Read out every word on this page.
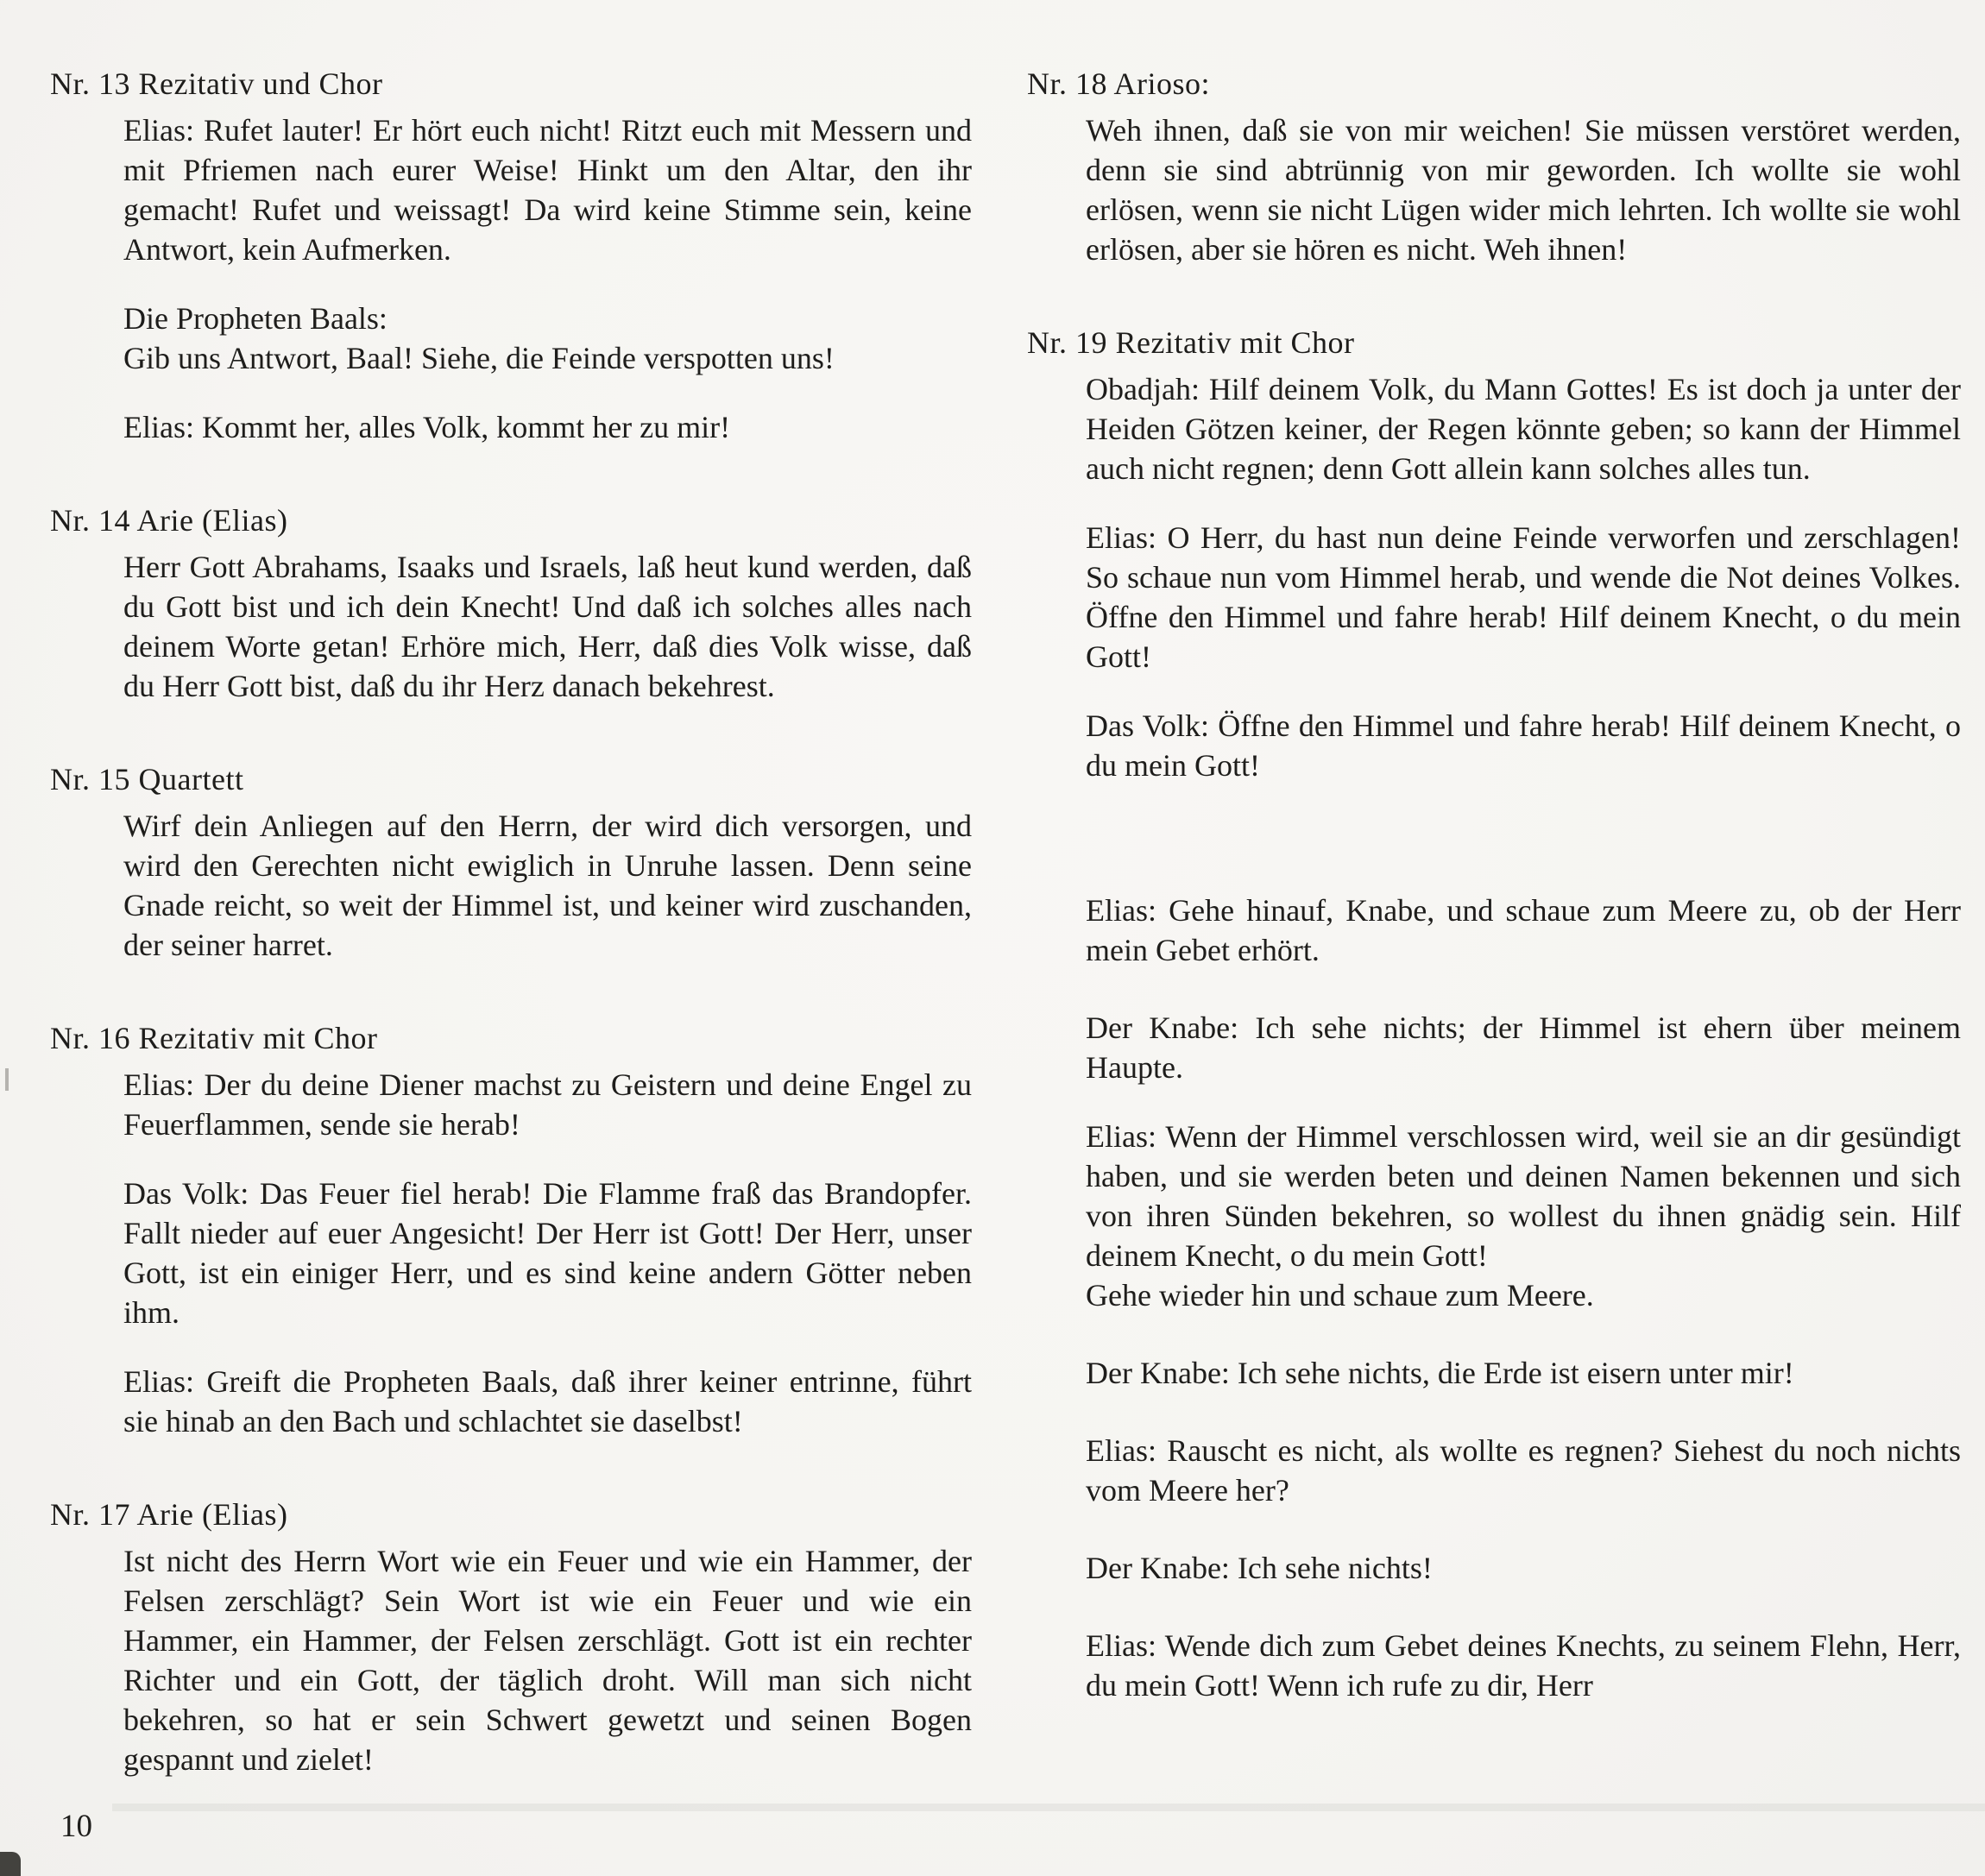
Nr. 13 Rezitativ und Chor

Elias: Rufet lauter! Er hört euch nicht! Ritzt euch mit Messern und mit Pfriemen nach eurer Weise! Hinkt um den Altar, den ihr gemacht! Rufet und weissagt! Da wird keine Stimme sein, keine Antwort, kein Aufmerken.

Die Propheten Baals:

Gib uns Antwort, Baal! Siehe, die Feinde verspotten uns!

Elias: Kommt her, alles Volk, kommt her zu mir!

Nr. 14 Arie (Elias)

Herr Gott Abrahams, Isaaks und Israels, laß heut kund werden, daß du Gott bist und ich dein Knecht! Und daß ich solches alles nach deinem Worte getan! Erhöre mich, Herr, daß dies Volk wisse, daß du Herr Gott bist, daß du ihr Herz danach bekehrest.

Nr. 15 Quartett

Wirf dein Anliegen auf den Herrn, der wird dich versorgen, und wird den Gerechten nicht ewiglich in Unruhe lassen. Denn seine Gnade reicht, so weit der Himmel ist, und keiner wird zuschanden, der seiner harret.

Nr. 16 Rezitativ mit Chor

Elias: Der du deine Diener machst zu Geistern und deine Engel zu Feuerflammen, sende sie herab!

Das Volk: Das Feuer fiel herab! Die Flamme fraß das Brandopfer. Fallt nieder auf euer Angesicht! Der Herr ist Gott! Der Herr, unser Gott, ist ein einiger Herr, und es sind keine andern Götter neben ihm.

Elias: Greift die Propheten Baals, daß ihrer keiner entrinne, führt sie hinab an den Bach und schlachtet sie daselbst!

Nr. 17 Arie (Elias)

Ist nicht des Herrn Wort wie ein Feuer und wie ein Hammer, der Felsen zerschlägt? Sein Wort ist wie ein Feuer und wie ein Hammer, ein Hammer, der Felsen zerschlägt. Gott ist ein rechter Richter und ein Gott, der täglich droht. Will man sich nicht bekehren, so hat er sein Schwert gewetzt und seinen Bogen gespannt und zielet!

Nr. 18 Arioso:

Weh ihnen, daß sie von mir weichen! Sie müssen verstöret werden, denn sie sind abtrünnig von mir geworden. Ich wollte sie wohl erlösen, wenn sie nicht Lügen wider mich lehrten. Ich wollte sie wohl erlösen, aber sie hören es nicht. Weh ihnen!

Nr. 19 Rezitativ mit Chor

Obadjah: Hilf deinem Volk, du Mann Gottes! Es ist doch ja unter der Heiden Götzen keiner, der Regen könnte geben; so kann der Himmel auch nicht regnen; denn Gott allein kann solches alles tun.

Elias: O Herr, du hast nun deine Feinde verworfen und zerschlagen! So schaue nun vom Himmel herab, und wende die Not deines Volkes. Öffne den Himmel und fahre herab! Hilf deinem Knecht, o du mein Gott!

Das Volk: Öffne den Himmel und fahre herab! Hilf deinem Knecht, o du mein Gott!

Elias: Gehe hinauf, Knabe, und schaue zum Meere zu, ob der Herr mein Gebet erhört.

Der Knabe: Ich sehe nichts; der Himmel ist ehern über meinem Haupte.

Elias: Wenn der Himmel verschlossen wird, weil sie an dir gesündigt haben, und sie werden beten und deinen Namen bekennen und sich von ihren Sünden bekehren, so wollest du ihnen gnädig sein. Hilf deinem Knecht, o du mein Gott!

Gehe wieder hin und schaue zum Meere.

Der Knabe: Ich sehe nichts, die Erde ist eisern unter mir!

Elias: Rauscht es nicht, als wollte es regnen? Siehest du noch nichts vom Meere her?

Der Knabe: Ich sehe nichts!

Elias: Wende dich zum Gebet deines Knechts, zu seinem Flehn, Herr, du mein Gott! Wenn ich rufe zu dir, Herr

10
